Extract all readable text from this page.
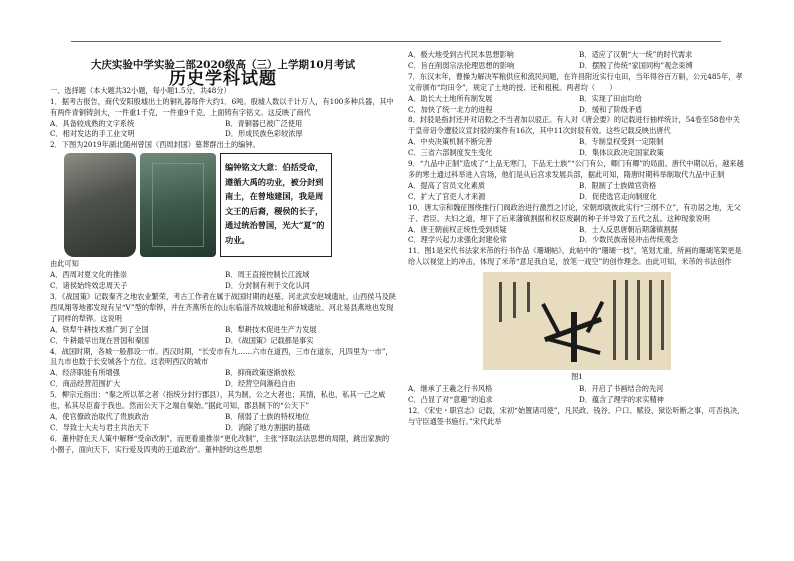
大庆实验中学实验二部2020级高（三）上学期10月考试
历史学科试题

一、选择题（本大题共32小题，每小题1.5分，共48分）

1．据考古报告，商代安阳殷墟出土的铜礼器每件大约1．6吨。殷墟人数以千计万人，有100多种兵器，其中有两件青铜铸剑大，一件重1千克，一件重9千克，上面铸有字铭文。这反映了商代

A．具备较成熟的文字系统	B．青铜器已被广泛使用
C．相对发达的手工业文明	D．形成民族色彩较浓厚

2．下图为2019年湖北随州曾国（西周封国）墓葬群出土的编钟。

编钟铭文大意：伯括受命，遵循大禹的功业，被分封到南土，在曾地建国，我是周文王的后裔，稷侯的长子，通过统治曾国，光大“夏”的功业。

由此可知

A．西周对夏文化的推崇	B．周王直接控制长江流域
C．诸侯始终效忠周天子	D．分封制有利于文化认同

3．《战国策》记载秦齐之地农业繁荣，考古工作者在属于战国时期的赵墓、河北武安赵城遗址、山西侯马及陕西凤翔等地都发现有呈“V”型的犁铧，并在齐燕所在的山东临淄齐故城遗址和薛城遗址、河北易县燕地也发现了同样的犁铧。这说明

A．铁犁牛耕技术推广到了全国	B．犁耕技术促进生产力发展
C．牛耕最早出现在晋国和秦国	D．《战国策》记载都是事实

4．战国时期，各城一般都设一市。西汉时期，“长安市有九……六市在道西，三市在道东，凡四里为一市”，且九市也数于长安城各个方位。这表明西汉的城市

A．经济职能有所增强	B．抑商政策逐渐放松
C．商品经营范围扩大	D．经营空间渐趋自由

5．柳宗元指出：“秦之所以革之者（指统分封行郡县），其为制，公之大者也；其情，私也，私其一己之威也，私其尽臣畜于我也。然而公天下之端自秦始。”据此可知，郡县制下的“公天下”

A．使官僚政治取代了贵族政治	B．削弱了士族的特权地位
C．导致士大夫与君主共治天下	D．消除了地方割据的基础

6．董仲舒在天人策中解释“受命改制”，而更看重推崇“更化改制”，主张“择取法法思想的局限，跳出家族的小圈子，面向天下，实行爱及四夷的王道政治”。董仲舒的这些思想

A．极大地受到古代民本思想影响	B．适应了汉朝“大一统”的时代需求
C．旨在削弱宗法伦理思想的影响	D．摆脱了传统“家国同构”观念束缚

7．东汉末年，曹操为解决军粮供应和流民问题，在许昌附近实行屯田，当年得谷百万斛，公元485年，孝文帝颁布“均田令”，规定了土地的授、还和租税。两者均（　　）

A．助长大土地所有制发展	B．实现了田亩均给
C．加快了统一北方的进程	D．缓和了阶级矛盾

8．封驳是指封还并对诏敕之不当者加以驳正。有人对《唐会要》的记载进行抽样统计，54卷至58卷中关于皇帝诏令遭驳议宣封驳的案件有16次，其中11次封驳有效。这些记载反映出唐代

A．中央决策机制不断完善	B．专制皇权受到一定限制
C．三省六部制度发生变化	D．集体议政决定国家政策

9．“九品中正制”造成了“上品无寒门，下品无士族”“公门有公，卿门有卿”的局面。唐代中期以后，越来越多的寒士通过科举进入官场，他们是从后宫求发展兵部，据此可知，隋唐时期科举制取代九品中正制

A．提高了官员文化素质	B．限制了士族做官资格
C．扩大了官吏人才来源	D．促使选官走向制度化

10．唐太宗和魏征围绕推行门阀政治进行激烈之讨论，宋朝却就彼此实行“三纲不立”，有功居之地，无父子、君臣、夫妇之道，埋下了后来藩镇割据和权臣废嗣的种子并导致了五代之乱。这种现象说明

A．唐王朝前权正统性受到质疑	B．士人反思唐朝后期藩镇割据
C．理学兴起力求强化封建伦常	D．少数民族南侵冲击传统观念

11．图1是宋代书法家米芾的行书作品《珊瑚帖》，此帖中的“珊瑚一枝”，笔划尤重，所画的珊瑚笔架更是给人以视觉上的冲击，体现了米芾“意足我自足，放笔一戏空”的创作理念。由此可知，米芾的书法创作

图1

A．继承了王羲之行书风格	B．开启了书画结合的先河
C．凸显了对“意趣”的追求	D．蕴含了理学的求实精神

12．《宋史・职官志》记载，宋初“始置诸司使”，凡民政、钱谷、户口、赋役、狱讼听断之事，可否执决，与守臣通签书施行。”宋代此举
